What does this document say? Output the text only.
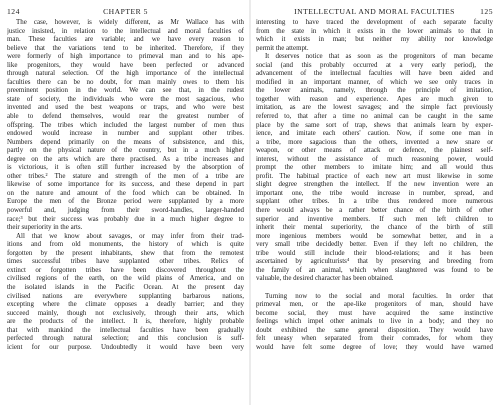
124	CHAPTER 5
The case, however, is widely different, as Mr Wallace has with
justice insisted, in relation to the intellectual and moral faculties of
man. These faculties are variable; and we have every reason to
believe that the variations tend to be inherited. Therefore, if they
were formerly of high importance to primeval man and to his ape-
like progenitors, they would have been perfected or advanced
through natural selection. Of the high importance of the intellectual
faculties there can be no doubt, for man mainly owes to them his
preeminent position in the world. We can see that, in the rudest
state of society, the individuals who were the most sagacious, who
invented and used the best weapons or traps, and who were best
able to defend themselves, would rear the greatest number of
offspring. The tribes which included the largest number of men thus
endowed would increase in number and supplant other tribes.
Numbers depend primarily on the means of subsistence, and this,
partly on the physical nature of the country, but in a much higher
degree on the arts which are there practised. As a tribe increases and
is victorious, it is often still further increased by the absorption of
other tribes.² The stature and strength of the men of a tribe are
likewise of some importance for its success, and these depend in part
on the nature and amount of the food which can be obtained. In
Europe the men of the Bronze period were supplanted by a more
powerful and, judging from their sword-handles, larger-handed
race;³ but their success was probably due in a much higher degree to
their superiority in the arts.
All that we know about savages, or may infer from their trad-
itions and from old monuments, the history of which is quite
forgotten by the present inhabitants, shew that from the remotest
times successful tribes have supplanted other tribes. Relics of
extinct or forgotten tribes have been discovered throughout the
civilised regions of the earth, on the wild plains of America, and on
the isolated islands in the Pacific Ocean. At the present day
civilised nations are everywhere supplanting barbarous nations,
excepting where the climate opposes a deadly barrier; and they
succeed mainly, though not exclusively, through their arts, which
are the products of the intellect. It is, therefore, highly probable
that with mankind the intellectual faculties have been gradually
perfected through natural selection; and this conclusion is suff-
icient for our purpose. Undoubtedly it would have been very
INTELLECTUAL AND MORAL FACULTIES	125
interesting to have traced the development of each separate faculty
from the state in which it exists in the lower animals to that in
which it exists in man; but neither my ability nor knowledge
permit the attempt.
It deserves notice that as soon as the progenitors of man became
social (and this probably occurred at a very early period), the
advancement of the intellectual faculties will have been aided and
modified in an important manner, of which we see only traces in
the lower animals, namely, through the principle of imitation,
together with reason and experience. Apes are much given to
imitation, as are the lowest savages; and the simple fact previously
referred to, that after a time no animal can be caught in the same
place by the same sort of trap, shews that animals learn by exper-
ience, and imitate each others' caution. Now, if some one man in
a tribe, more sagacious than the others, invented a new snare or
weapon, or other means of attack or defence, the plainest self-
interest, without the assistance of much reasoning power, would
prompt the other members to imitate him; and all would thus
profit. The habitual practice of each new art must likewise in some
slight degree strengthen the intellect. If the new invention were an
important one, the tribe would increase in number, spread, and
supplant other tribes. In a tribe thus rendered more numerous
there would always be a rather better chance of the birth of other
superior and inventive members. If such men left children to
inherit their mental superiority, the chance of the birth of still
more ingenious members would be somewhat better, and in a
very small tribe decidedly better. Even if they left no children, the
tribe would still include their blood-relations; and it has been
ascertained by agriculturists⁴ that by preserving and breeding from
the family of an animal, which when slaughtered was found to be
valuable, the desired character has been obtained.
Turning now to the social and moral faculties. In order that
primeval men, or the ape-like progenitors of man, should have
become social, they must have acquired the same instinctive
feelings which impel other animals to live in a body; and they no
doubt exhibited the same general disposition. They would have
felt uneasy when separated from their comrades, for whom they
would have felt some degree of love; they would have warned
